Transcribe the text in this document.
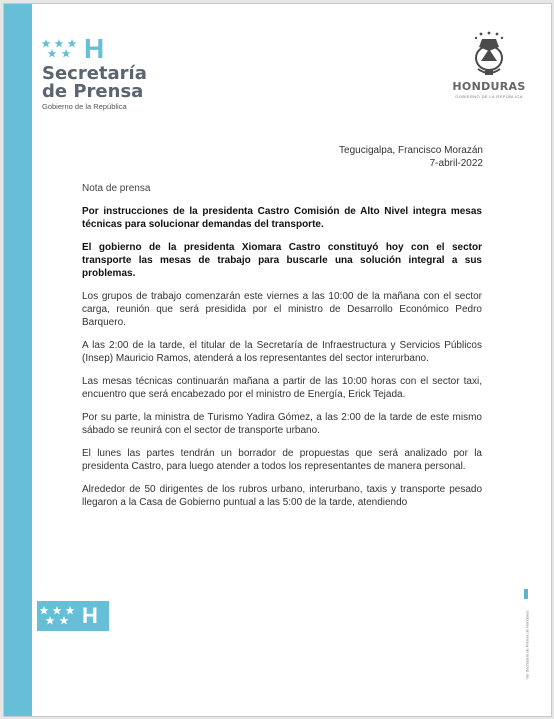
H
Secretaría
de Prensa
Gobierno de la República
HONDURAS
GOBIERNO DE LA REPÚBLICA
Tegucigalpa, Francisco Morazán
7-abril-2022

Nota de prensa

Por instrucciones de la presidenta Castro Comisión de Alto Nivel integra mesas técnicas para solucionar demandas del transporte.

El gobierno de la presidenta Xiomara Castro constituyó hoy con el sector transporte las mesas de trabajo para buscarle una solución integral a sus problemas.

Los grupos de trabajo comenzarán este viernes a las 10:00 de la mañana con el sector carga, reunión que será presidida por el ministro de Desarrollo Económico Pedro Barquero.

A las 2:00 de la tarde, el titular de la Secretaría de Infraestructura y Servicios Públicos (Insep) Mauricio Ramos, atenderá a los representantes del sector interurbano.

Las mesas técnicas continuarán mañana a partir de las 10:00 horas con el sector taxi, encuentro que será encabezado por el ministro de Energía, Erick Tejada.

Por su parte, la ministra de Turismo Yadira Gómez, a las 2:00 de la tarde de este mismo sábado se reunirá con el sector de transporte urbano.

El lunes las partes tendrán un borrador de propuestas que será analizado por la presidenta Castro, para luego atender a todos los representantes de manera personal.

Alrededor de 50 dirigentes de los rubros urbano, interurbano, taxis y transporte pesado llegaron a la Casa de Gobierno puntual a las 5:00 de la tarde, atendiendo

H	Ver Secretaría de Prensa de Honduras
